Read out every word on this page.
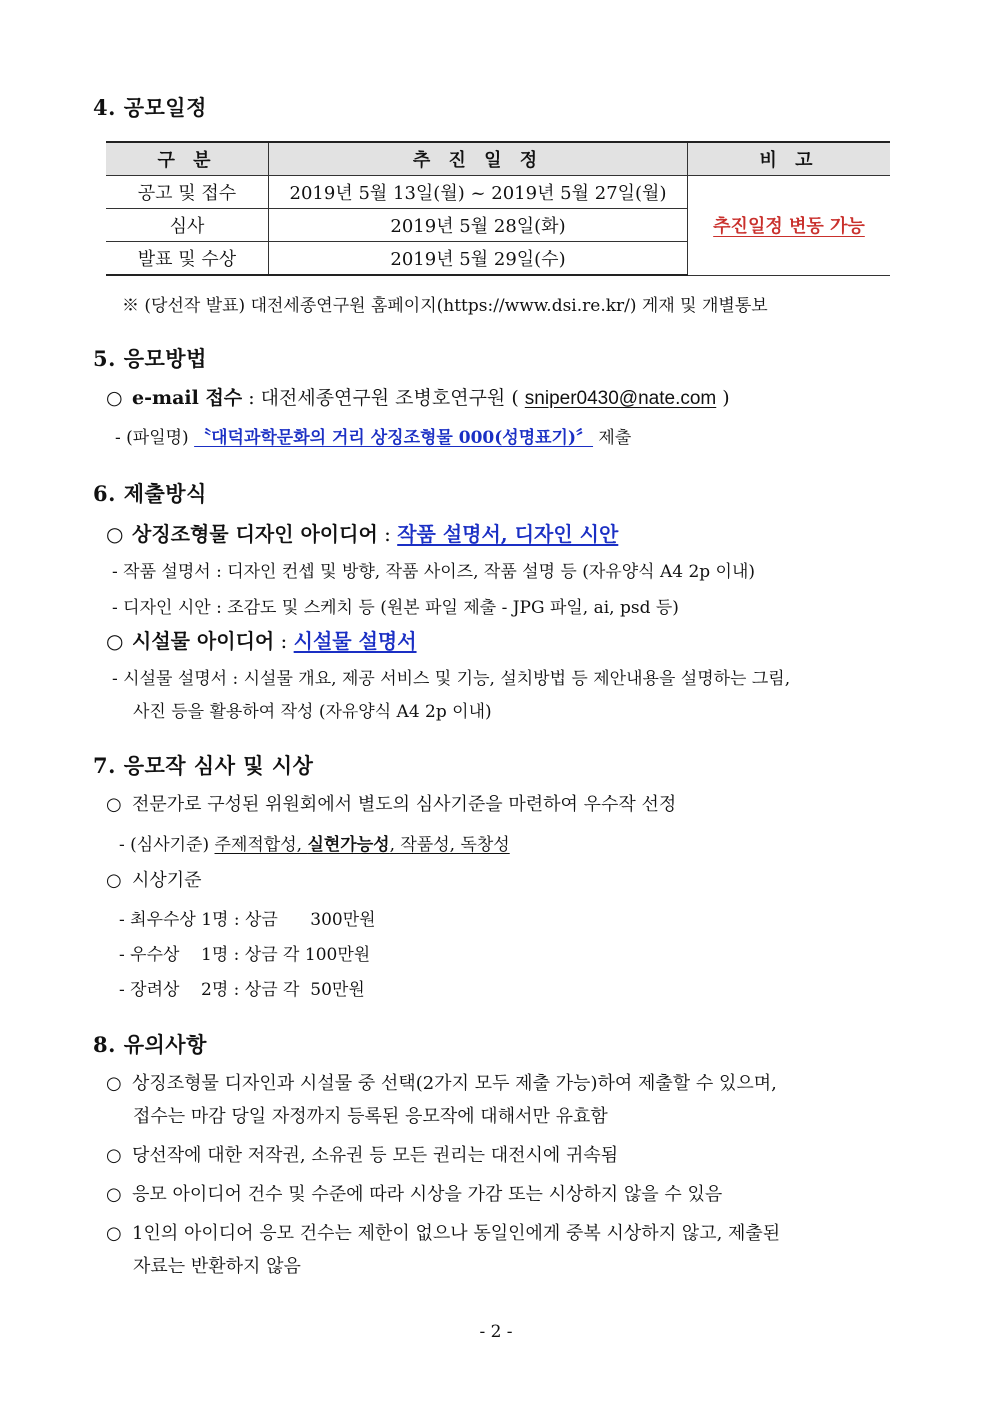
4. 공모일정
구 분	추 진 일 정	비 고
공고 및 접수	2019년 5월 13일(월) ~ 2019년 5월 27일(월)	추진일정 변동 가능
심사	2019년 5월 28일(화)	
발표 및 수상	2019년 5월 29일(수)	
※ (당선작 발표) 대전세종연구원 홈페이지(https://www.dsi.re.kr/) 게재 및 개별통보
5. 응모방법
○ e-mail 접수 : 대전세종연구원 조병호연구원 ( sniper0430@nate.com )
- (파일명) 〝대덕과학문화의 거리 상징조형물 000(성명표기)〞 제출
6. 제출방식
○ 상징조형물 디자인 아이디어 : 작품 설명서, 디자인 시안
- 작품 설명서 : 디자인 컨셉 및 방향, 작품 사이즈, 작품 설명 등 (자유양식 A4 2p 이내)
- 디자인 시안 : 조감도 및 스케치 등 (원본 파일 제출 - JPG 파일, ai, psd 등)
○ 시설물 아이디어 : 시설물 설명서
- 시설물 설명서 : 시설물 개요, 제공 서비스 및 기능, 설치방법 등 제안내용을 설명하는 그림,
사진 등을 활용하여 작성 (자유양식 A4 2p 이내)
7. 응모작 심사 및 시상
○ 전문가로 구성된 위원회에서 별도의 심사기준을 마련하여 우수작 선정
- (심사기준) 주제적합성, 실현가능성, 작품성, 독창성
○ 시상기준
- 최우수상 1명 : 상금      300만원
- 우수상    1명 : 상금 각 100만원
- 장려상    2명 : 상금 각  50만원
8. 유의사항
○ 상징조형물 디자인과 시설물 중 선택(2가지 모두 제출 가능)하여 제출할 수 있으며,
접수는 마감 당일 자정까지 등록된 응모작에 대해서만 유효함
○ 당선작에 대한 저작권, 소유권 등 모든 권리는 대전시에 귀속됨
○ 응모 아이디어 건수 및 수준에 따라 시상을 가감 또는 시상하지 않을 수 있음
○ 1인의 아이디어 응모 건수는 제한이 없으나 동일인에게 중복 시상하지 않고, 제출된
자료는 반환하지 않음
- 2 -
